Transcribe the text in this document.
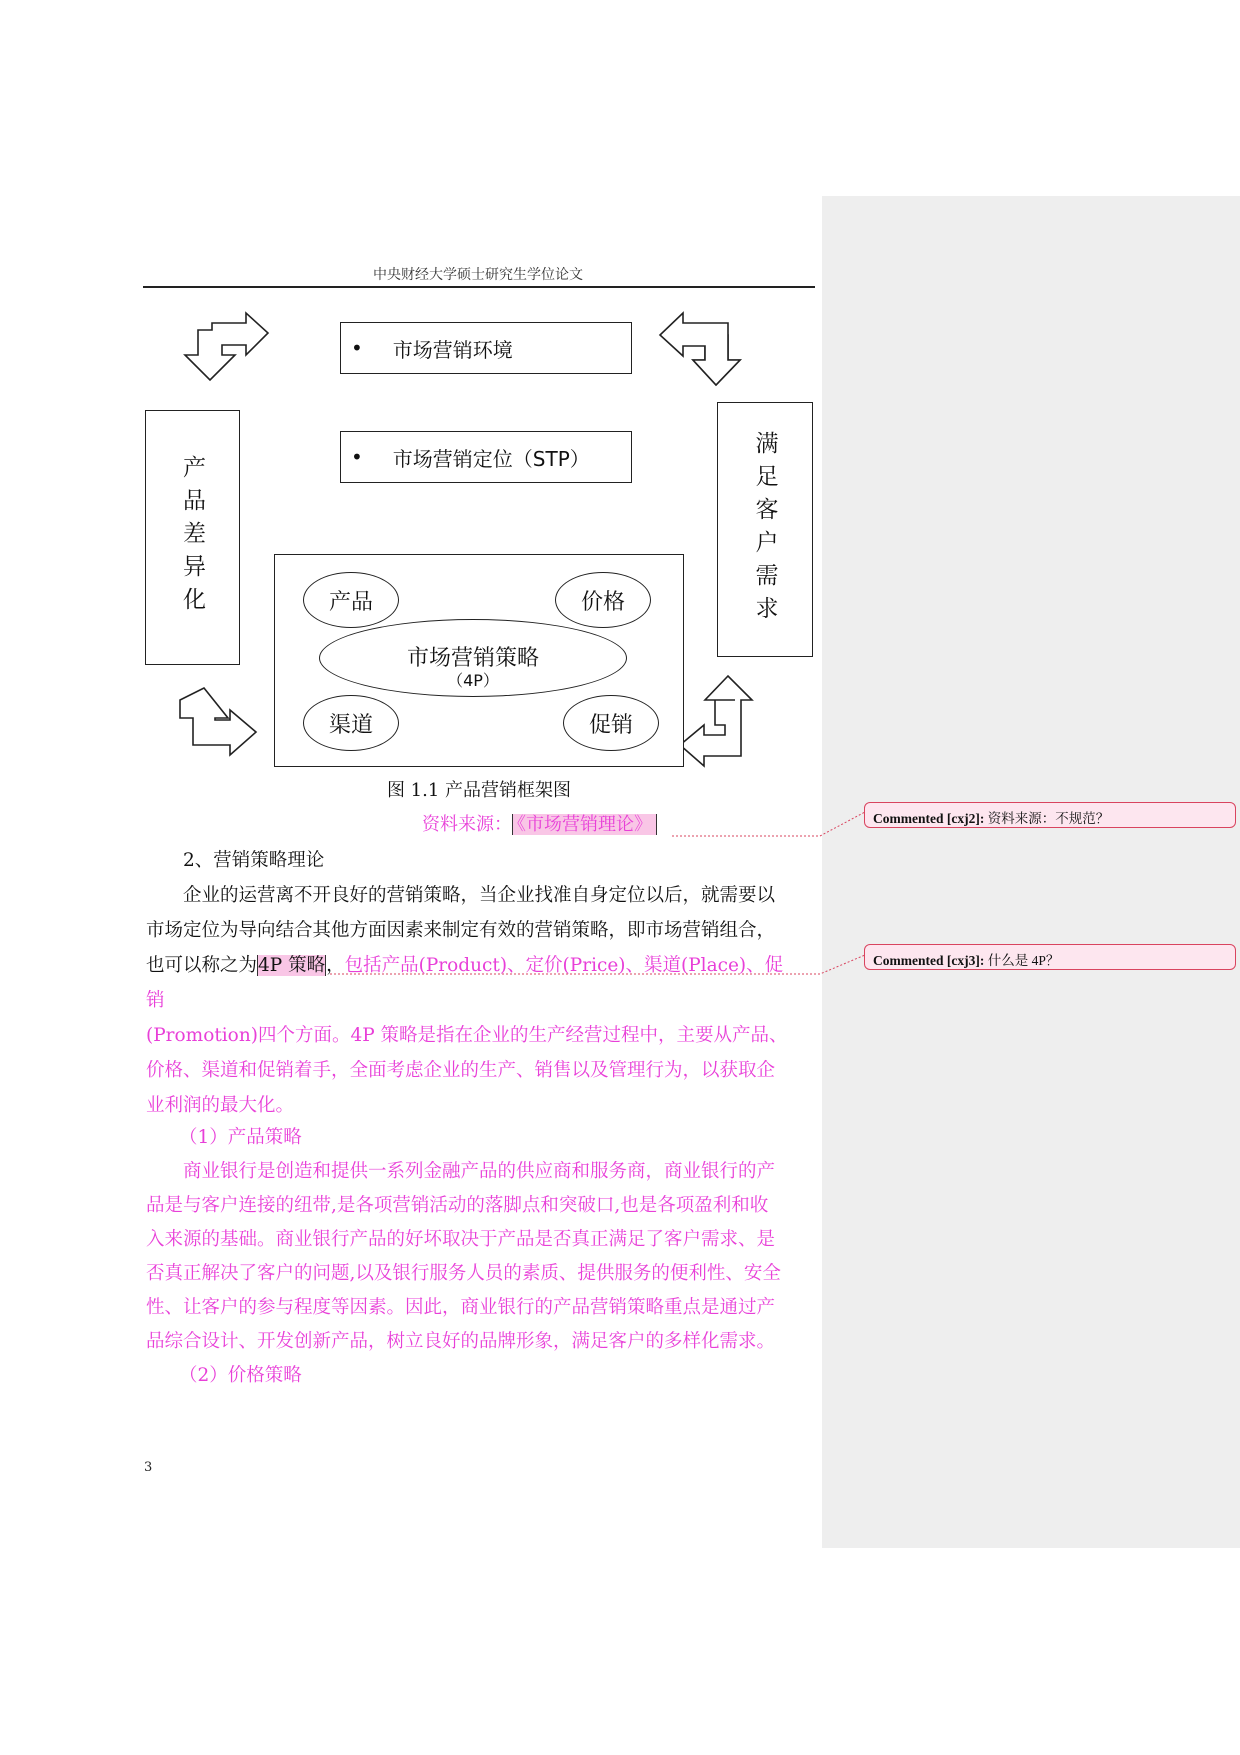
中央财经大学硕士研究生学位论文
• 市场营销环境
• 市场营销定位（STP）
产品差异化	满足客户需求
产品	价格
市场营销策略
（4P）
渠道	促销
图 1.1 产品营销框架图
资料来源： 《市场营销理论》
2、营销策略理论
企业的运营离不开良好的营销策略，当企业找准自身定位以后，就需要以
市场定位为导向结合其他方面因素来制定有效的营销策略，即市场营销组合，
也可以称之为4P 策略，包括产品(Product)、定价(Price)、渠道(Place)、促
销
(Promotion)四个方面。4P 策略是指在企业的生产经营过程中，主要从产品、
价格、渠道和促销着手，全面考虑企业的生产、销售以及管理行为，以获取企
业利润的最大化。
（1）产品策略
商业银行是创造和提供一系列金融产品的供应商和服务商，商业银行的产
品是与客户连接的纽带,是各项营销活动的落脚点和突破口,也是各项盈利和收
入来源的基础。商业银行产品的好坏取决于产品是否真正满足了客户需求、是
否真正解决了客户的问题,以及银行服务人员的素质、提供服务的便利性、安全
性、让客户的参与程度等因素。因此，商业银行的产品营销策略重点是通过产
品综合设计、开发创新产品，树立良好的品牌形象，满足客户的多样化需求。
（2）价格策略
Commented [cxj2]: 资料来源：不规范？
Commented [cxj3]: 什么是 4P？
3
